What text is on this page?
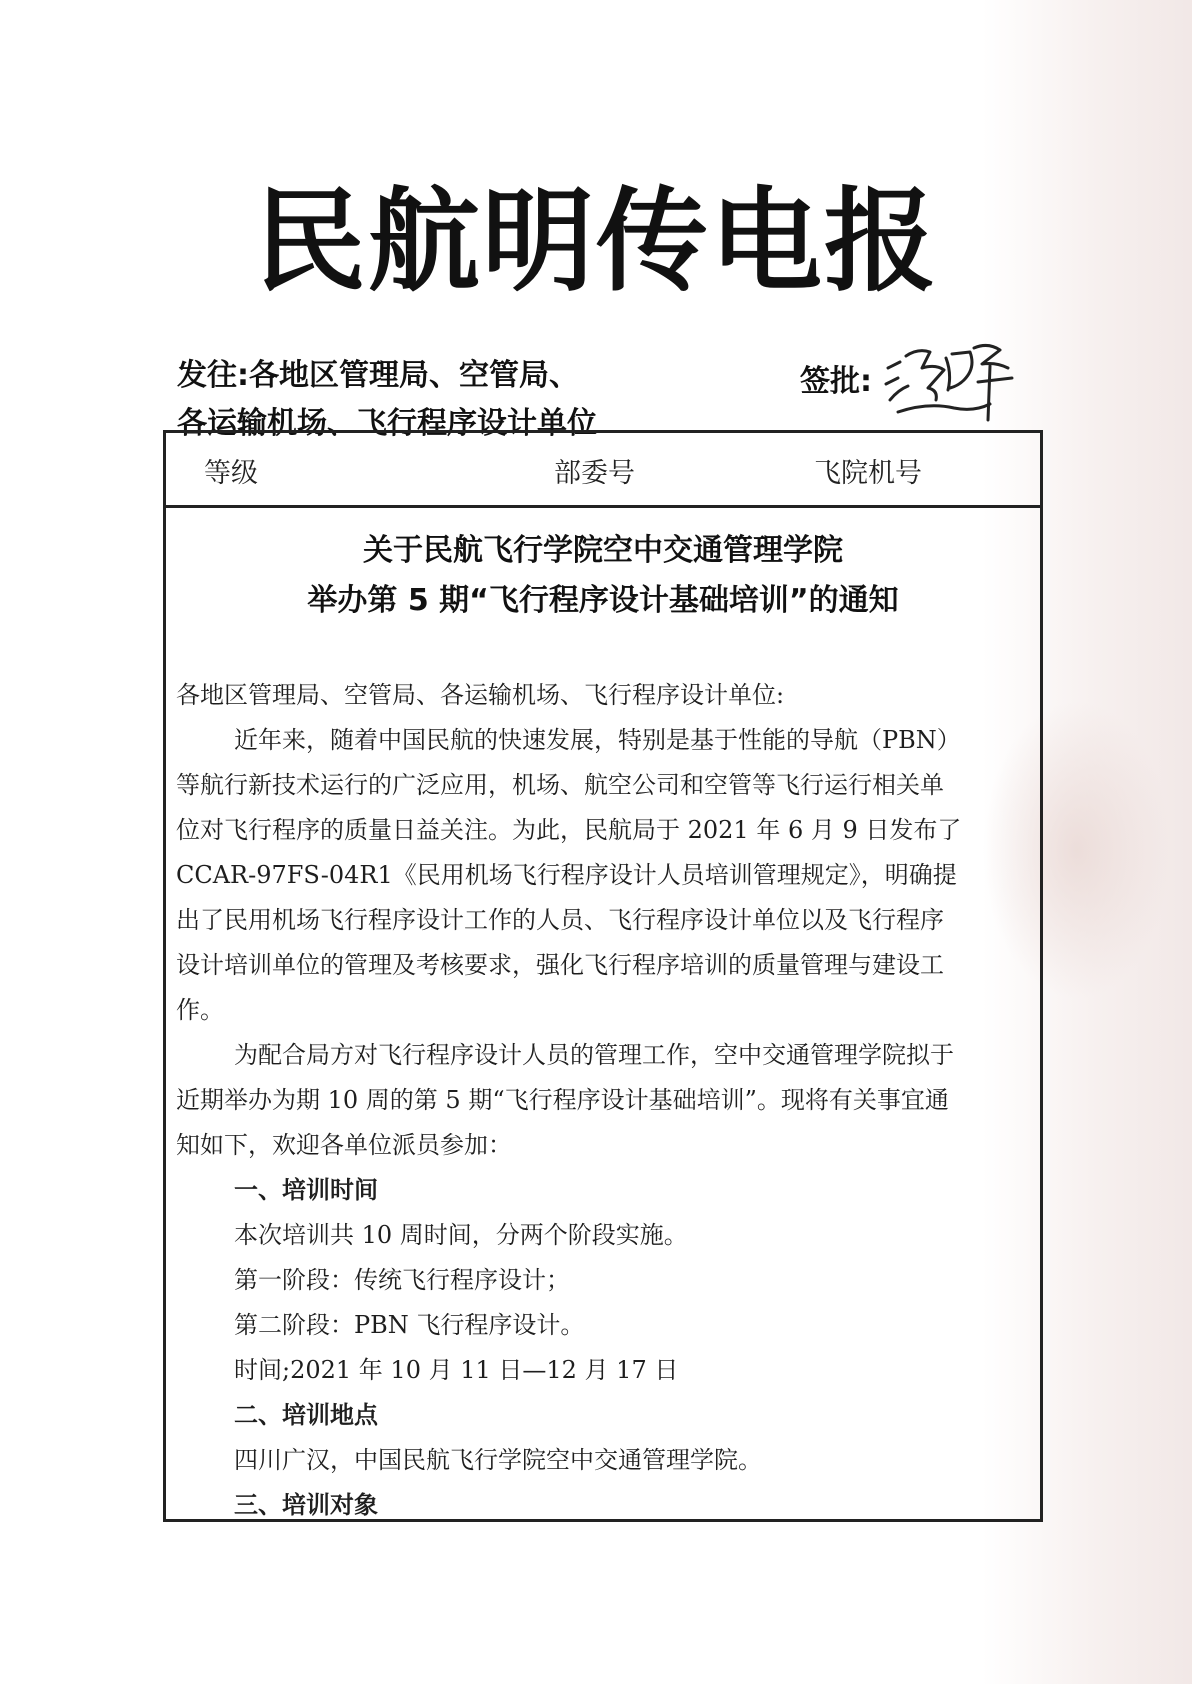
民航明传电报
发往:各地区管理局、空管局、
各运输机场、飞行程序设计单位
签批:
等级	部委号	飞院机号
关于民航飞行学院空中交通管理学院
举办第 5 期“飞行程序设计基础培训”的通知

各地区管理局、空管局、各运输机场、飞行程序设计单位:

近年来，随着中国民航的快速发展，特别是基于性能的导航（PBN）

等航行新技术运行的广泛应用，机场、航空公司和空管等飞行运行相关单

位对飞行程序的质量日益关注。为此，民航局于 2021 年 6 月 9 日发布了

CCAR-97FS-04R1《民用机场飞行程序设计人员培训管理规定》，明确提

出了民用机场飞行程序设计工作的人员、飞行程序设计单位以及飞行程序

设计培训单位的管理及考核要求，强化飞行程序培训的质量管理与建设工

作。

为配合局方对飞行程序设计人员的管理工作，空中交通管理学院拟于

近期举办为期 10 周的第 5 期“飞行程序设计基础培训”。现将有关事宜通

知如下，欢迎各单位派员参加：

一、培训时间

本次培训共 10 周时间，分两个阶段实施。

第一阶段：传统飞行程序设计；

第二阶段：PBN 飞行程序设计。

时间;2021 年 10 月 11 日—12 月 17 日

二、培训地点

四川广汉，中国民航飞行学院空中交通管理学院。

三、培训对象
